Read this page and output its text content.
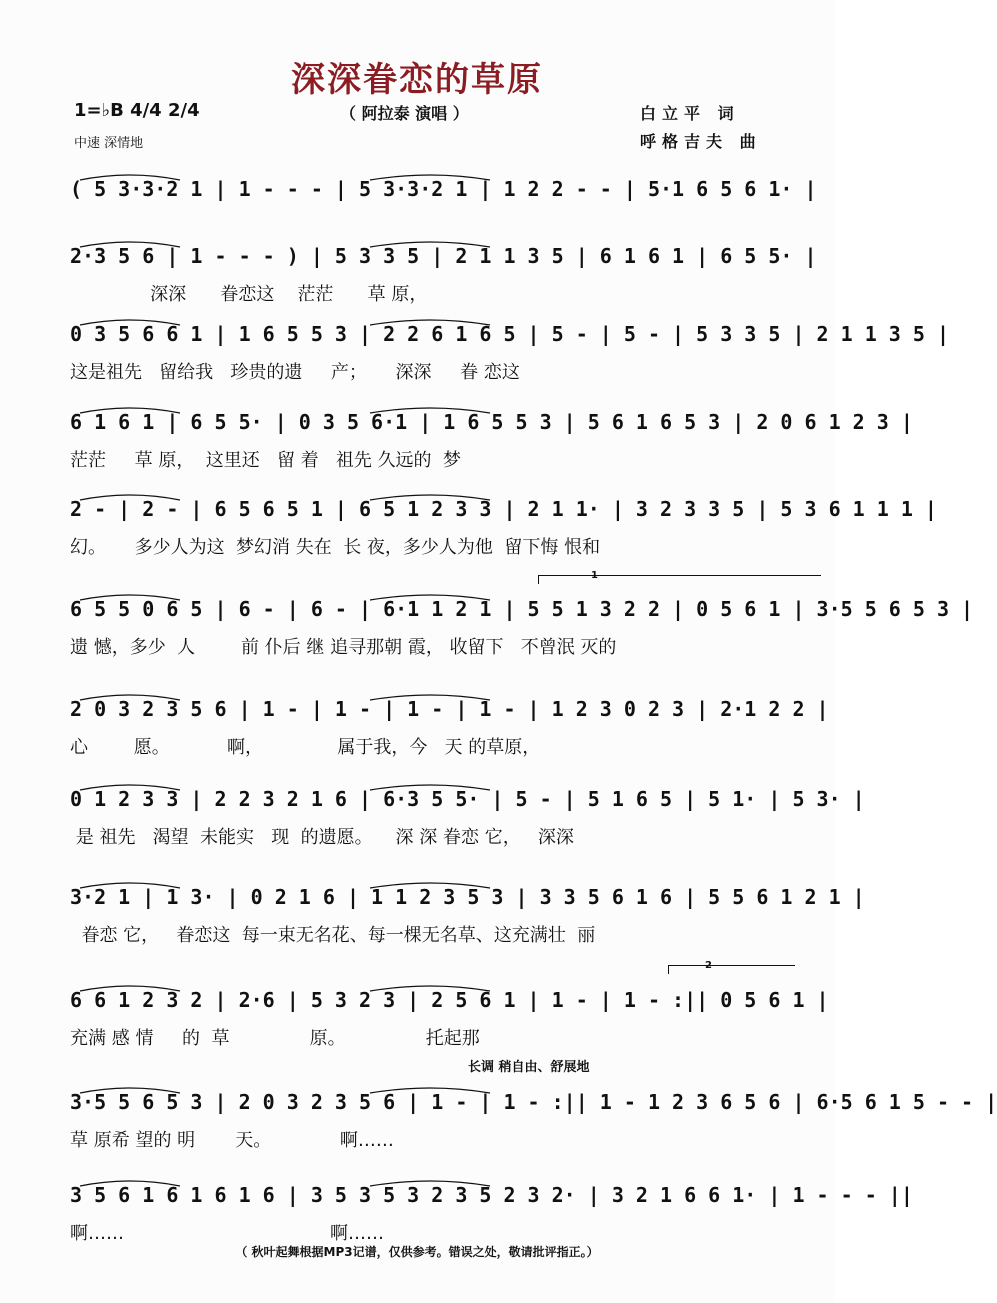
深深眷恋的草原
1=♭B 4/4 2/4
中速 深情地
（ 阿拉泰 演唱 ）	白立平 词
呼格吉夫 曲
( 5 3·3·2 1 | 1 - - - | 5 3·3·2 1 | 1 2 2 - - | 5·1 6 5 6 1· |
2·3 5 6 | 1 - - - ) | 5 3 3 5 | 2 1 1 3 5 | 6 1 6 1 | 6 5 5· |
深深      眷恋这    茫茫      草 原，
0 3 5 6 6 1 | 1 6 5 5 3 | 2 2 6 1 6 5 | 5 - | 5 - | 5 3 3 5 | 2 1 1 3 5 |
这是祖先   留给我   珍贵的遗     产；     深深     眷 恋这
6 1 6 1 | 6 5 5· | 0 3 5 6·1 | 1 6 5 5 3 | 5 6 1 6 5 3 | 2 0 6 1 2 3 |
茫茫     草 原，  这里还   留 着   祖先 久远的  梦
2 - | 2 - | 6 5 6 5 1 | 6 5 1 2 3 3 | 2 1 1· | 3 2 3 3 5 | 5 3 6 1 1 1 |
幻。     多少人为这  梦幻消 失在  长 夜，多少人为他  留下悔 恨和
6 5 5 0 6 5 | 6 - | 6 - | 6·1 1 2 1 | 5 5 1 3 2 2 | 0 5 6 1 | 3·5 5 6 5 3 |
遗 憾，多少  人        前 仆后 继 追寻那朝 霞， 收留下   不曾泯 灭的
2 0 3 2 3 5 6 | 1 - | 1 - | 1 - | 1 - | 1 2 3 0 2 3 | 2·1 2 2 |
心        愿。          啊，             属于我，今   天 的草原，
0 1 2 3 3 | 2 2 3 2 1 6 | 6·3 5 5· | 5 - | 5 1 6 5 | 5 1· | 5 3· |
是 祖先   渴望  未能实   现  的遗愿。    深 深 眷恋 它，   深深
3·2 1 | 1 3· | 0 2 1 6 | 1 1 2 3 5 3 | 3 3 5 6 1 6 | 5 5 6 1 2 1 |
眷恋 它，   眷恋这  每一束无名花、每一棵无名草、这充满壮  丽
6 6 1 2 3 2 | 2·6 | 5 3 2 3 | 2 5 6 1 | 1 - | 1 - :|| 0 5 6 1 |
充满 感 情     的  草              原。              托起那
3·5 5 6 5 3 | 2 0 3 2 3 5 6 | 1 - | 1 - :|| 1 - 1 2 3 6 5 6 | 6·5 6 1 5 - - |
草 原希 望的 明       天。            啊……
3 5 6 1 6 1 6 1 6 | 3 5 3 5 3 2 3 5 2 3 2· | 3 2 1 6 6 1· | 1 - - - ||
啊……                                    啊……
1
2
长调 稍自由、舒展地
（ 秋叶起舞根据MP3记谱，仅供参考。错误之处，敬请批评指正。）
